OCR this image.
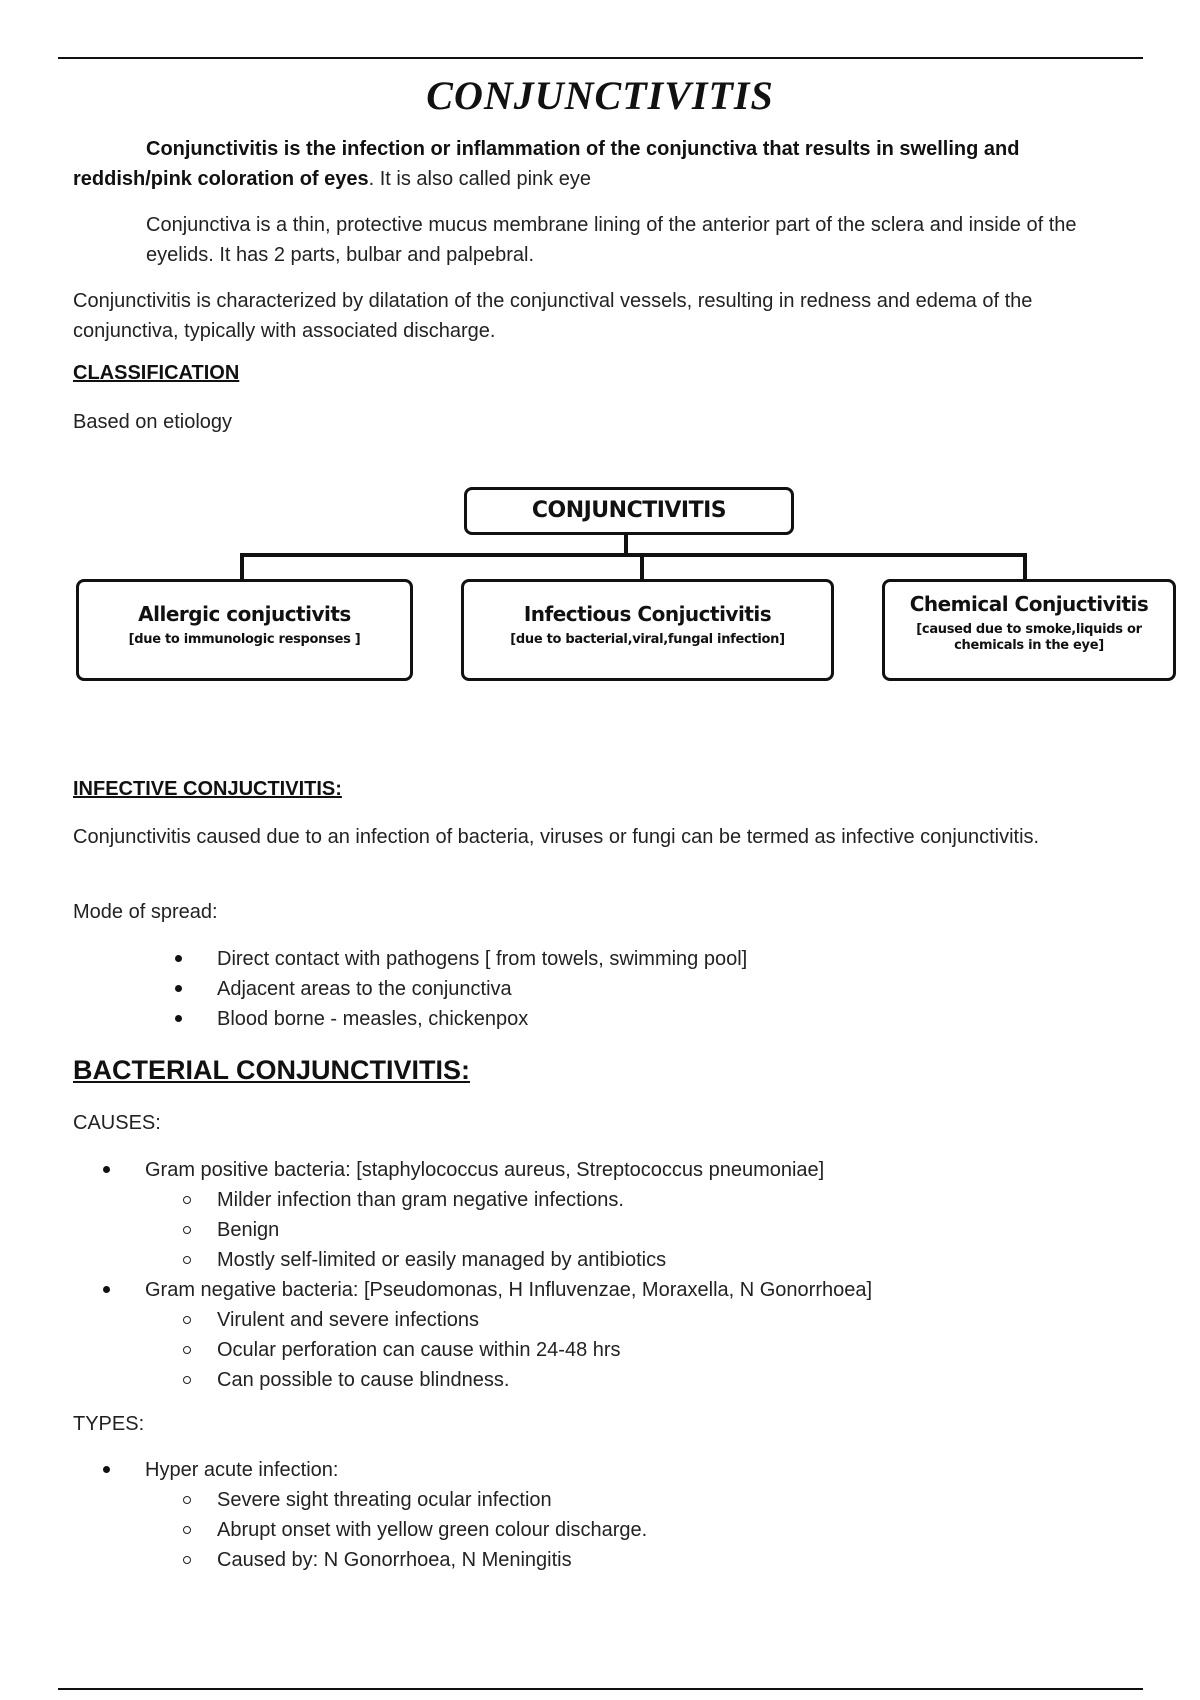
CONJUNCTIVITIS

Conjunctivitis is the infection or inflammation of the conjunctiva that results in swelling and reddish/pink coloration of eyes. It is also called pink eye

Conjunctiva is a thin, protective mucus membrane lining of the anterior part of the sclera and inside of the eyelids. It has 2 parts, bulbar and palpebral.

Conjunctivitis is characterized by dilatation of the conjunctival vessels, resulting in redness and edema of the conjunctiva, typically with associated discharge.

CLASSIFICATION

Based on etiology

CONJUNCTIVITIS
Allergic conjuctivits
[due to immunologic responses ]
Infectious Conjuctivitis
[due to bacterial,viral,fungal infection]
Chemical Conjuctivitis
[caused due to smoke,liquids or chemicals in the eye]
INFECTIVE CONJUCTIVITIS:

Conjunctivitis caused due to an infection of bacteria, viruses or fungi can be termed as infective conjunctivitis.

Mode of spread:

Direct contact with pathogens [ from towels, swimming pool]
Adjacent areas to the conjunctiva
Blood borne - measles, chickenpox
BACTERIAL CONJUNCTIVITIS:

CAUSES:

Gram positive bacteria: [staphylococcus aureus, Streptococcus pneumoniae]
Milder infection than gram negative infections.
Benign
Mostly self-limited or easily managed by antibiotics
Gram negative bacteria: [Pseudomonas, H Influvenzae, Moraxella, N Gonorrhoea]
Virulent and severe infections
Ocular perforation can cause within 24-48 hrs
Can possible to cause blindness.

TYPES:

Hyper acute infection:
Severe sight threating ocular infection
Abrupt onset with yellow green colour discharge.
Caused by: N Gonorrhoea, N Meningitis
